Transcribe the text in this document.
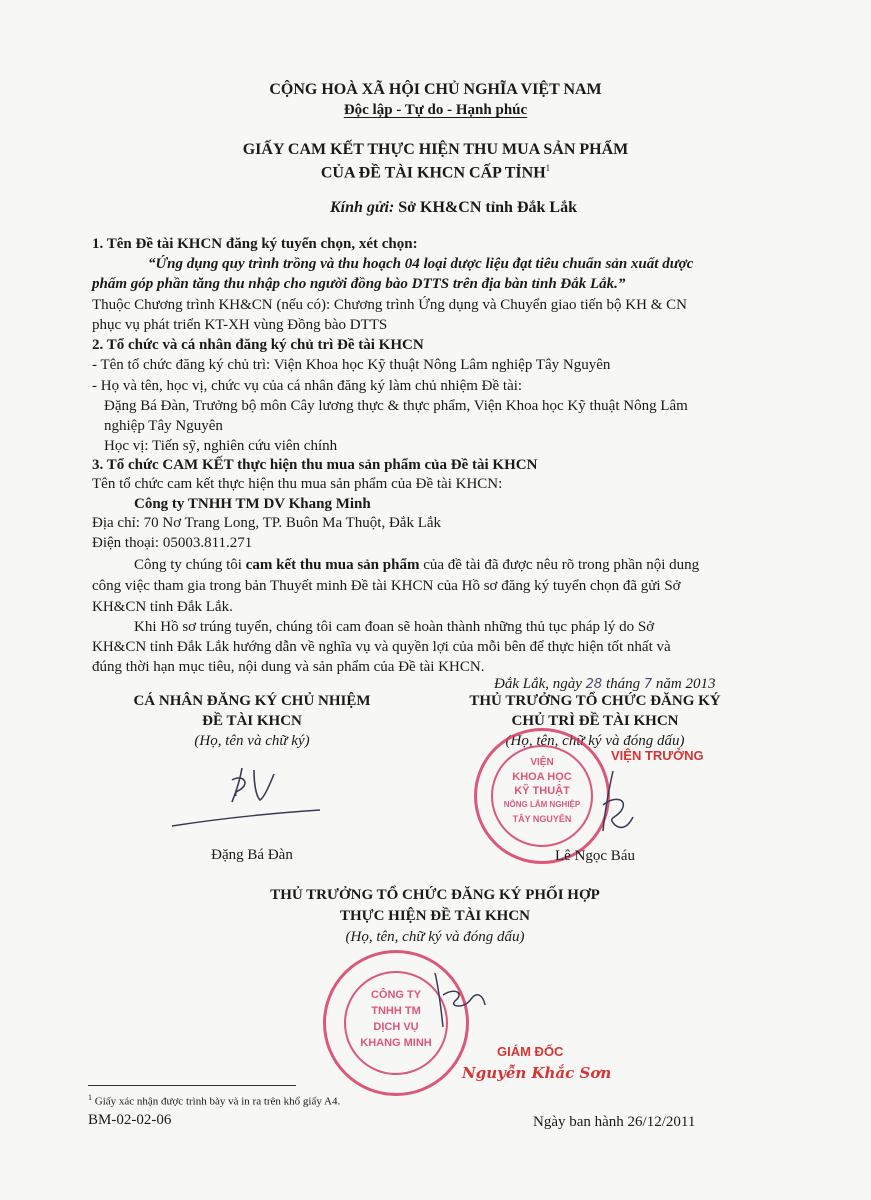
CỘNG HOÀ XÃ HỘI CHỦ NGHĨA VIỆT NAM
Độc lập - Tự do - Hạnh phúc
GIẤY CAM KẾT THỰC HIỆN THU MUA SẢN PHẨM
CỦA ĐỀ TÀI KHCN CẤP TỈNH$^1$
Kính gửi: Sở KH&CN tỉnh Đắk Lắk
1. Tên Đề tài KHCN đăng ký tuyển chọn, xét chọn:
“Ứng dụng quy trình trồng và thu hoạch 04 loại dược liệu đạt tiêu chuẩn sản xuất dược
phẩm góp phần tăng thu nhập cho người đồng bào DTTS trên địa bàn tỉnh Đắk Lắk.”
Thuộc Chương trình KH&CN (nếu có): Chương trình Ứng dụng và Chuyển giao tiến bộ KH & CN
phục vụ phát triển KT-XH vùng Đồng bào DTTS
2. Tổ chức và cá nhân đăng ký chủ trì Đề tài KHCN
- Tên tổ chức đăng ký chủ trì: Viện Khoa học Kỹ thuật Nông Lâm nghiệp Tây Nguyên
- Họ và tên, học vị, chức vụ của cá nhân đăng ký làm chủ nhiệm Đề tài:
Đặng Bá Đàn, Trưởng bộ môn Cây lương thực & thực phẩm, Viện Khoa học Kỹ thuật Nông Lâm
nghiệp Tây Nguyên
Học vị: Tiến sỹ, nghiên cứu viên chính
3. Tổ chức CAM KẾT thực hiện thu mua sản phẩm của Đề tài KHCN
Tên tổ chức cam kết thực hiện thu mua sản phẩm của Đề tài KHCN:
Công ty TNHH TM DV Khang Minh
Địa chỉ: 70 Nơ Trang Long, TP. Buôn Ma Thuột, Đắk Lắk
Điện thoại: 05003.811.271
Công ty chúng tôi cam kết thu mua sản phẩm của đề tài đã được nêu rõ trong phần nội dung
công việc tham gia trong bản Thuyết minh Đề tài KHCN của Hồ sơ đăng ký tuyển chọn đã gửi Sở
KH&CN tỉnh Đắk Lắk.
Khi Hồ sơ trúng tuyển, chúng tôi cam đoan sẽ hoàn thành những thủ tục pháp lý do Sở
KH&CN tỉnh Đắk Lắk hướng dẫn về nghĩa vụ và quyền lợi của mỗi bên để thực hiện tốt nhất và
đúng thời hạn mục tiêu, nội dung và sản phẩm của Đề tài KHCN.
Đắk Lắk, ngày 28 tháng 7 năm 2013
CÁ NHÂN ĐĂNG KÝ CHỦ NHIỆM
ĐỀ TÀI KHCN
(Họ, tên và chữ ký)
Đặng Bá Đàn
THỦ TRƯỞNG TỔ CHỨC ĐĂNG KÝ
CHỦ TRÌ ĐỀ TÀI KHCN
(Họ, tên, chữ ký và đóng dấu)
VIỆN
KHOA HỌC
KỸ THUẬT
NÔNG LÂM NGHIỆP
TÂY NGUYÊN
VIỆN TRƯỞNG
Lê Ngọc Báu
THỦ TRƯỞNG TỔ CHỨC ĐĂNG KÝ PHỐI HỢP
THỰC HIỆN ĐỀ TÀI KHCN
(Họ, tên, chữ ký và đóng dấu)
CÔNG TY
TNHH TM
DỊCH VỤ
KHANG MINH
GIÁM ĐỐC
Nguyễn Khắc Sơn
$^1$ Giấy xác nhận được trình bày và in ra trên khổ giấy A4.
BM-02-02-06	Ngày ban hành 26/12/2011
